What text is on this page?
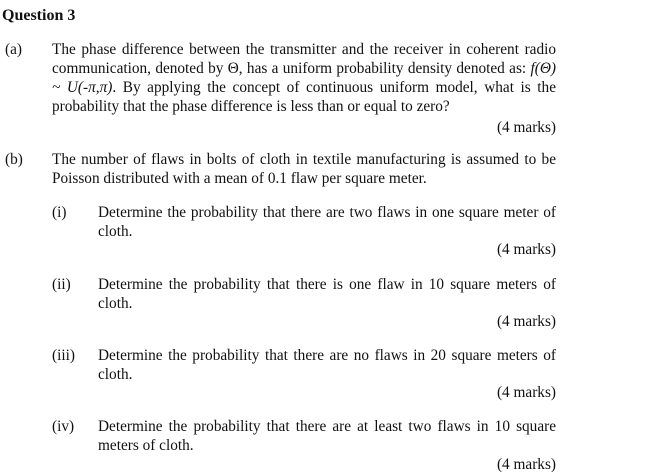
Question 3
(a) The phase difference between the transmitter and the receiver in coherent radio communication, denoted by Θ, has a uniform probability density denoted as: f(Θ) ~ U(-π,π). By applying the concept of continuous uniform model, what is the probability that the phase difference is less than or equal to zero?
(4 marks)
(b) The number of flaws in bolts of cloth in textile manufacturing is assumed to be Poisson distributed with a mean of 0.1 flaw per square meter.
(i) Determine the probability that there are two flaws in one square meter of cloth.
(4 marks)
(ii) Determine the probability that there is one flaw in 10 square meters of cloth.
(4 marks)
(iii) Determine the probability that there are no flaws in 20 square meters of cloth.
(4 marks)
(iv) Determine the probability that there are at least two flaws in 10 square meters of cloth.
(4 marks)
